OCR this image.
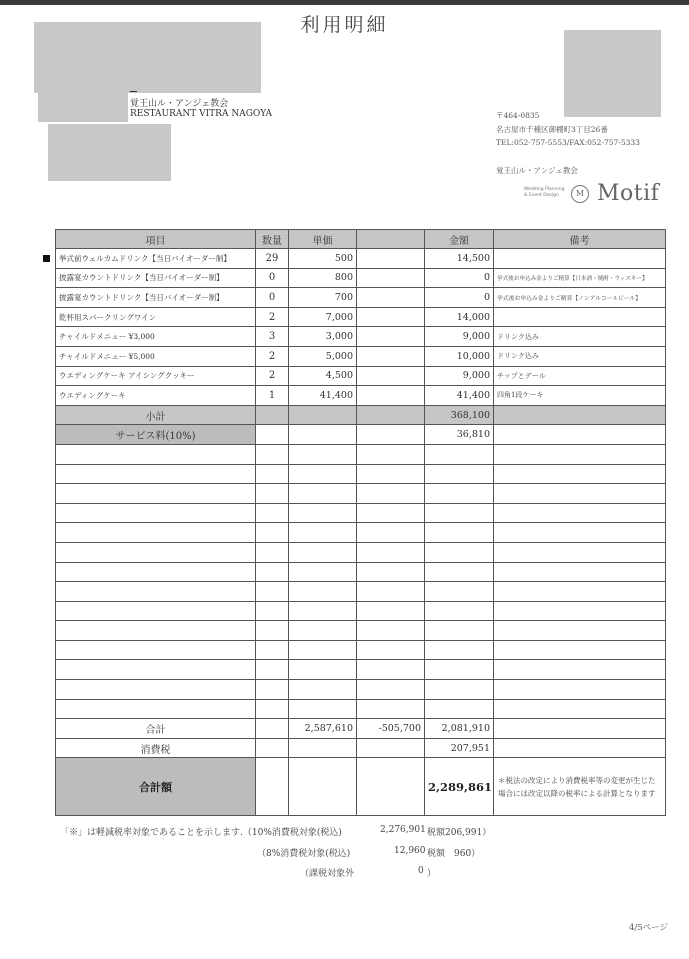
利用明細
覚王山ル・アンジェ教会
RESTAURANT VITRA NAGOYA	〒464-0835
名古屋市千種区御棚町3丁目26番
TEL:052-757-5553/FAX:052-757-5333
覚王山ル・アンジェ教会
Wedding Planning
& Event Design	M Motif
項目	数量	単価		金額	備考
挙式前ウェルカムドリンク【当日バイオーダー制】	29	500		14,500	
披露宴カウントドリンク【当日バイオーダー制】	0	800		0	挙式後お申込み金よりご精算【日本酒・焼酎・ウィスキー】
披露宴カウントドリンク【当日バイオーダー制】	0	700		0	挙式後お申込み金よりご精算【ノンアルコールビール】
乾杯用スパークリングワイン	2	7,000		14,000	
チャイルドメニュー ¥3,000	3	3,000		9,000	ドリンク込み
チャイルドメニュー ¥5,000	2	5,000		10,000	ドリンク込み
ウエディングケーキ アイシングクッキー	2	4,500		9,000	チップとデール
ウエディングケーキ	1	41,400		41,400	四角1段ケーキ
小計				368,100	
サービス料(10%)				36,810	

合計		2,587,610	-505,700	2,081,910	
消費税				207,951	
合計額				2,289,861	＊税法の改定により消費税率等の変更が生じた場合には改定以降の税率による計算となります
「※」は軽減税率対象であることを示します.（10%消費税対象(税込)	2,276,901 税額206,991）
（8%消費税対象(税込)	12,960 税額　960）
（課税対象外	0 ）
4/5ページ
